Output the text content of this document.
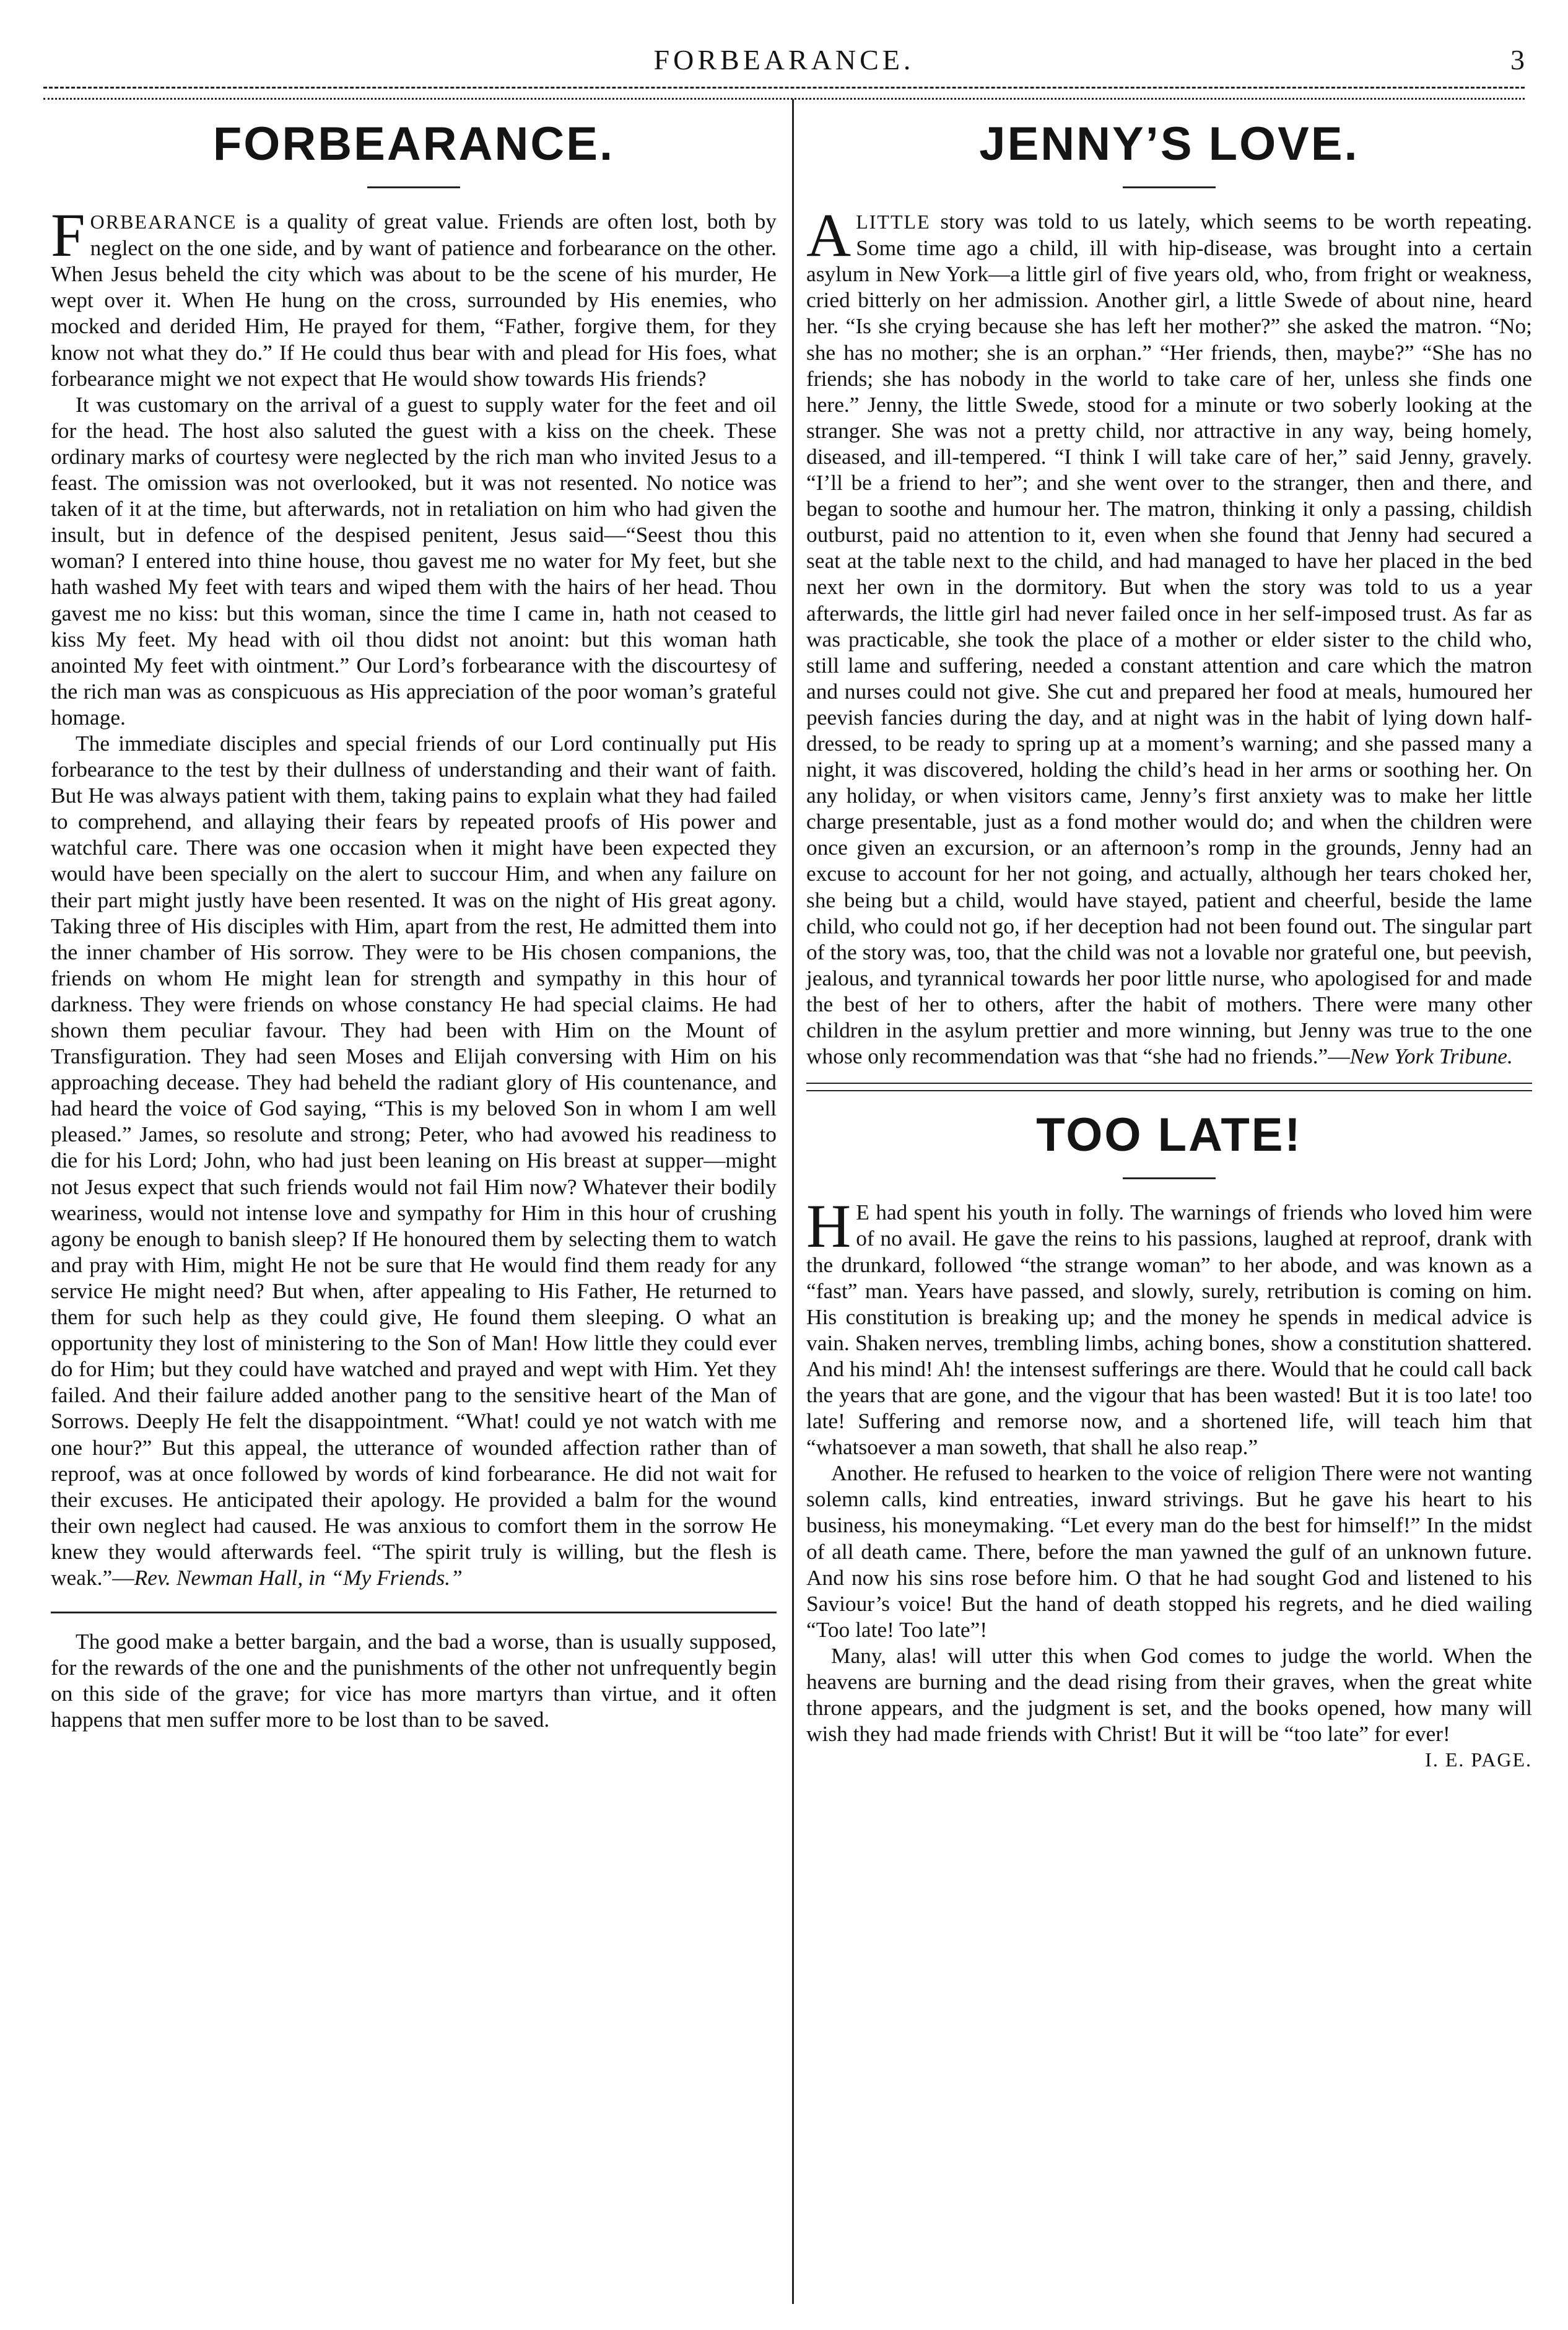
FORBEARANCE.	3
FORBEARANCE.

FORBEARANCE is a quality of great value. Friends are often lost, both by neglect on the one side, and by want of patience and forbearance on the other. When Jesus beheld the city which was about to be the scene of his murder, He wept over it. When He hung on the cross, surrounded by His enemies, who mocked and derided Him, He prayed for them, “Father, forgive them, for they know not what they do.” If He could thus bear with and plead for His foes, what forbearance might we not expect that He would show towards His friends?

It was customary on the arrival of a guest to supply water for the feet and oil for the head. The host also saluted the guest with a kiss on the cheek. These ordinary marks of courtesy were neglected by the rich man who invited Jesus to a feast. The omission was not overlooked, but it was not resented. No notice was taken of it at the time, but afterwards, not in retaliation on him who had given the insult, but in defence of the despised penitent, Jesus said—“Seest thou this woman? I entered into thine house, thou gavest me no water for My feet, but she hath washed My feet with tears and wiped them with the hairs of her head. Thou gavest me no kiss: but this woman, since the time I came in, hath not ceased to kiss My feet. My head with oil thou didst not anoint: but this woman hath anointed My feet with ointment.” Our Lord’s forbearance with the discourtesy of the rich man was as conspicuous as His appreciation of the poor woman’s grateful homage.

The immediate disciples and special friends of our Lord continually put His forbearance to the test by their dullness of understanding and their want of faith. But He was always patient with them, taking pains to explain what they had failed to comprehend, and allaying their fears by repeated proofs of His power and watchful care. There was one occasion when it might have been expected they would have been specially on the alert to succour Him, and when any failure on their part might justly have been resented. It was on the night of His great agony. Taking three of His disciples with Him, apart from the rest, He admitted them into the inner chamber of His sorrow. They were to be His chosen companions, the friends on whom He might lean for strength and sympathy in this hour of darkness. They were friends on whose constancy He had special claims. He had shown them peculiar favour. They had been with Him on the Mount of Transfiguration. They had seen Moses and Elijah conversing with Him on his approaching decease. They had beheld the radiant glory of His countenance, and had heard the voice of God saying, “This is my beloved Son in whom I am well pleased.” James, so resolute and strong; Peter, who had avowed his readiness to die for his Lord; John, who had just been leaning on His breast at supper—might not Jesus expect that such friends would not fail Him now? Whatever their bodily weariness, would not intense love and sympathy for Him in this hour of crushing agony be enough to banish sleep? If He honoured them by selecting them to watch and pray with Him, might He not be sure that He would find them ready for any service He might need? But when, after appealing to His Father, He returned to them for such help as they could give, He found them sleeping. O what an opportunity they lost of ministering to the Son of Man! How little they could ever do for Him; but they could have watched and prayed and wept with Him. Yet they failed. And their failure added another pang to the sensitive heart of the Man of Sorrows. Deeply He felt the disappointment. “What! could ye not watch with me one hour?” But this appeal, the utterance of wounded affection rather than of reproof, was at once followed by words of kind forbearance. He did not wait for their excuses. He anticipated their apology. He provided a balm for the wound their own neglect had caused. He was anxious to comfort them in the sorrow He knew they would afterwards feel. “The spirit truly is willing, but the flesh is weak.”—Rev. Newman Hall, in “My Friends.”

The good make a better bargain, and the bad a worse, than is usually supposed, for the rewards of the one and the punishments of the other not unfrequently begin on this side of the grave; for vice has more martyrs than virtue, and it often happens that men suffer more to be lost than to be saved.

JENNY’S LOVE.

ALITTLE story was told to us lately, which seems to be worth repeating. Some time ago a child, ill with hip-disease, was brought into a certain asylum in New York—a little girl of five years old, who, from fright or weakness, cried bitterly on her admission. Another girl, a little Swede of about nine, heard her. “Is she crying because she has left her mother?” she asked the matron. “No; she has no mother; she is an orphan.” “Her friends, then, maybe?” “She has no friends; she has nobody in the world to take care of her, unless she finds one here.” Jenny, the little Swede, stood for a minute or two soberly looking at the stranger. She was not a pretty child, nor attractive in any way, being homely, diseased, and ill-tempered. “I think I will take care of her,” said Jenny, gravely. “I’ll be a friend to her”; and she went over to the stranger, then and there, and began to soothe and humour her. The matron, thinking it only a passing, childish outburst, paid no attention to it, even when she found that Jenny had secured a seat at the table next to the child, and had managed to have her placed in the bed next her own in the dormitory. But when the story was told to us a year afterwards, the little girl had never failed once in her self-imposed trust. As far as was practicable, she took the place of a mother or elder sister to the child who, still lame and suffering, needed a constant attention and care which the matron and nurses could not give. She cut and prepared her food at meals, humoured her peevish fancies during the day, and at night was in the habit of lying down half-dressed, to be ready to spring up at a moment’s warning; and she passed many a night, it was discovered, holding the child’s head in her arms or soothing her. On any holiday, or when visitors came, Jenny’s first anxiety was to make her little charge presentable, just as a fond mother would do; and when the children were once given an excursion, or an afternoon’s romp in the grounds, Jenny had an excuse to account for her not going, and actually, although her tears choked her, she being but a child, would have stayed, patient and cheerful, beside the lame child, who could not go, if her deception had not been found out. The singular part of the story was, too, that the child was not a lovable nor grateful one, but peevish, jealous, and tyrannical towards her poor little nurse, who apologised for and made the best of her to others, after the habit of mothers. There were many other children in the asylum prettier and more winning, but Jenny was true to the one whose only recommendation was that “she had no friends.”—New York Tribune.

TOO LATE!

H E had spent his youth in folly. The warnings of friends who loved him were of no avail. He gave the reins to his passions, laughed at reproof, drank with the drunkard, followed “the strange woman” to her abode, and was known as a “fast” man. Years have passed, and slowly, surely, retribution is coming on him. His constitution is breaking up; and the money he spends in medical advice is vain. Shaken nerves, trembling limbs, aching bones, show a constitution shattered. And his mind! Ah! the intensest sufferings are there. Would that he could call back the years that are gone, and the vigour that has been wasted! But it is too late! too late! Suffering and remorse now, and a shortened life, will teach him that “whatsoever a man soweth, that shall he also reap.”

Another. He refused to hearken to the voice of religion There were not wanting solemn calls, kind entreaties, inward strivings. But he gave his heart to his business, his moneymaking. “Let every man do the best for himself!” In the midst of all death came. There, before the man yawned the gulf of an unknown future. And now his sins rose before him. O that he had sought God and listened to his Saviour’s voice! But the hand of death stopped his regrets, and he died wailing “Too late! Too late”!

Many, alas! will utter this when God comes to judge the world. When the heavens are burning and the dead rising from their graves, when the great white throne appears, and the judgment is set, and the books opened, how many will wish they had made friends with Christ! But it will be “too late” for ever!
I. E. PAGE.
